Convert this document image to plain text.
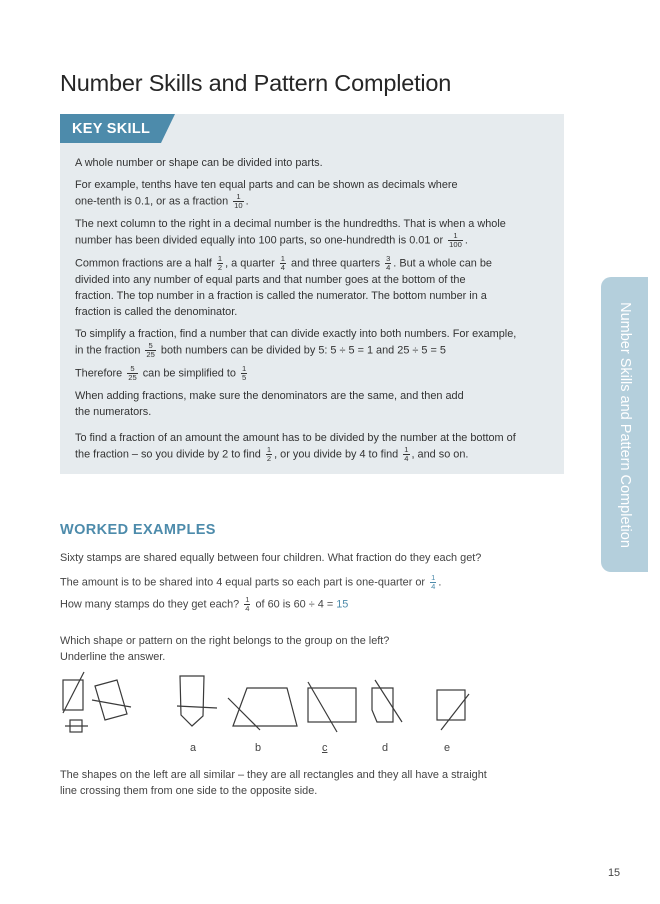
Number Skills and Pattern Completion
KEY SKILL

A whole number or shape can be divided into parts.

For example, tenths have ten equal parts and can be shown as decimals where
one-tenth is 0.1, or as a fraction $\frac{1}{10}$ .

The next column to the right in a decimal number is the hundredths. That is when a whole
number has been divided equally into 100 parts, so one-hundredth is 0.01 or $\frac{1}{100}$ .

Common fractions are a half $\frac{1}{2}$ , a quarter $\frac{1}{4}$ and three quarters $\frac{3}{4}$ . But a whole can be
divided into any number of equal parts and that number goes at the bottom of the
fraction. The top number in a fraction is called the numerator. The bottom number in a
fraction is called the denominator.

To simplify a fraction, find a number that can divide exactly into both numbers. For example,
in the fraction $\frac{5}{25}$ both numbers can be divided by 5: 5 ÷ 5 = 1 and 25 ÷ 5 = 5

Therefore $\frac{5}{25}$ can be simplified to $\frac{1}{5}$

When adding fractions, make sure the denominators are the same, and then add
the numerators.

To find a fraction of an amount the amount has to be divided by the number at the bottom of
the fraction – so you divide by 2 to find $\frac{1}{2}$ , or you divide by 4 to find $\frac{1}{4}$ , and so on.	Number Skills and Pattern Completion
WORKED EXAMPLES

Sixty stamps are shared equally between four children. What fraction do they each get?

The amount is to be shared into 4 equal parts so each part is one-quarter or $\frac{1}{4}$ .

How many stamps do they get each? $\frac{1}{4}$ of 60 is 60 ÷ 4 = 15

Which shape or pattern on the right belongs to the group on the left?
Underline the answer.
a	b	c	d	e
The shapes on the left are all similar – they are all rectangles and they all have a straight
line crossing them from one side to the opposite side.
15
